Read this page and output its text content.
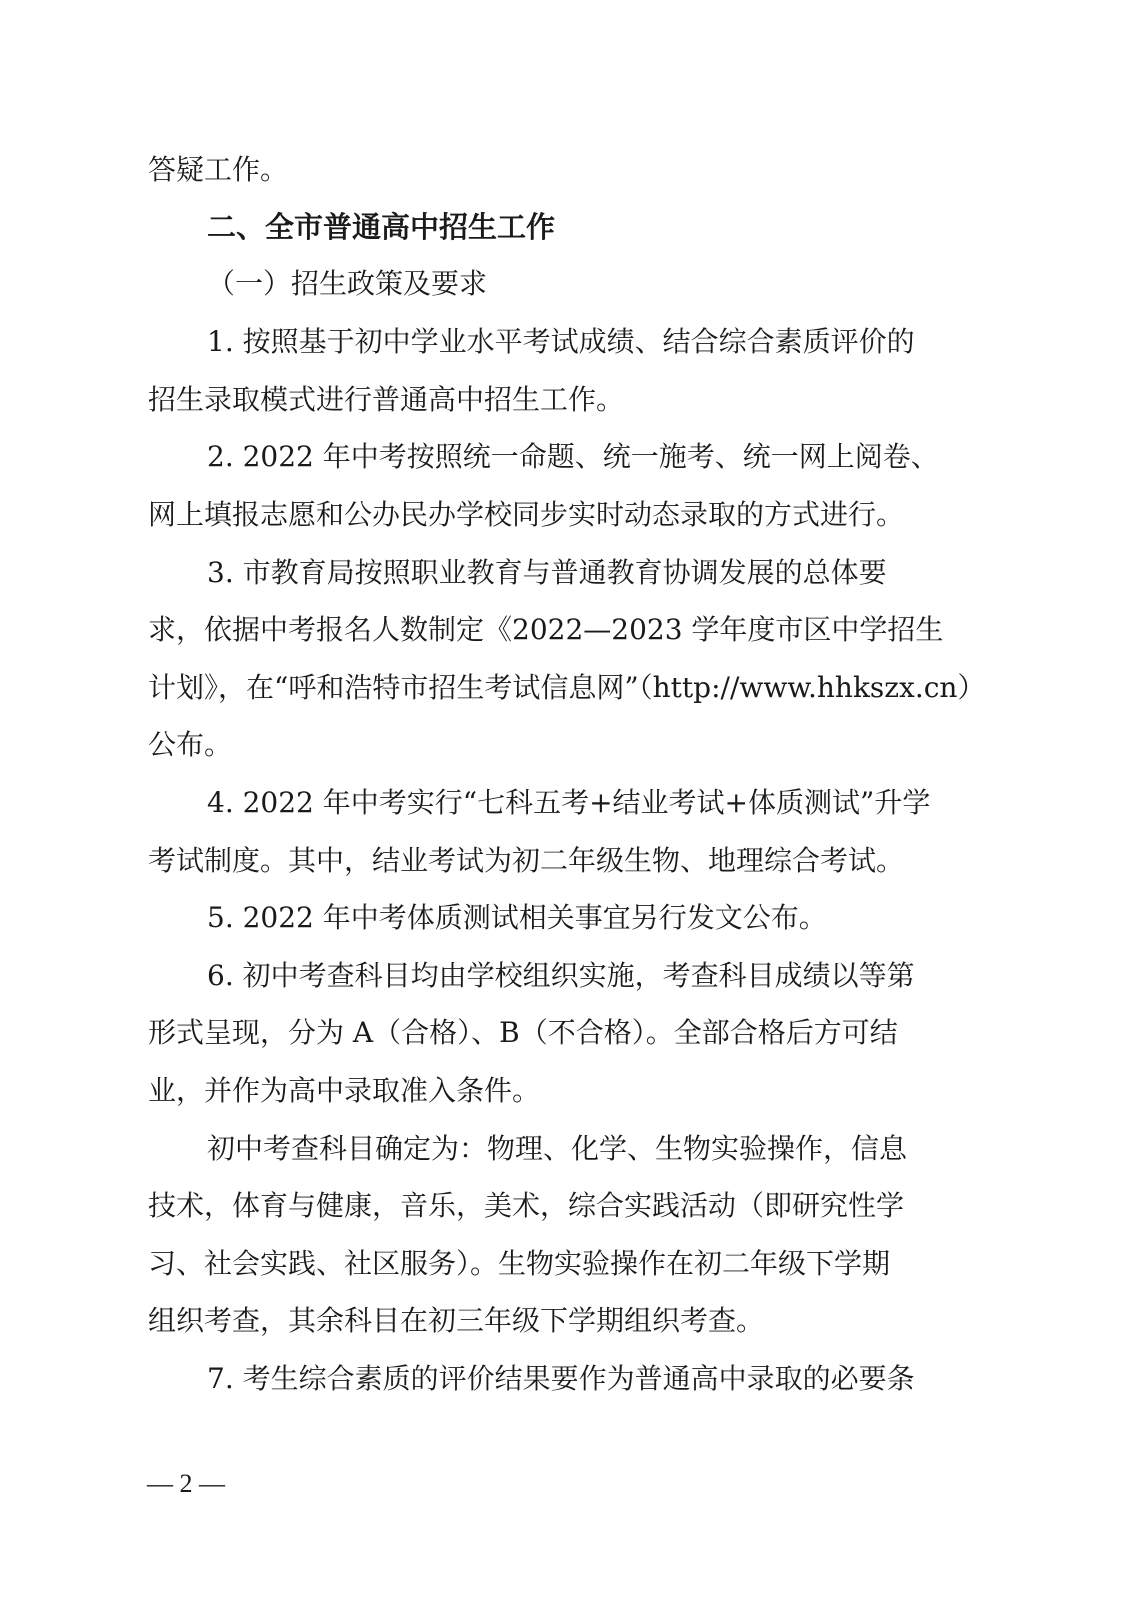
答疑工作。
二、全市普通高中招生工作
（一）招生政策及要求
1. 按照基于初中学业水平考试成绩、结合综合素质评价的
招生录取模式进行普通高中招生工作。
2. 2022 年中考按照统一命题、统一施考、统一网上阅卷、
网上填报志愿和公办民办学校同步实时动态录取的方式进行。
3. 市教育局按照职业教育与普通教育协调发展的总体要
求，依据中考报名人数制定《2022—2023 学年度市区中学招生
计划》，在“呼和浩特市招生考试信息网”（http://www.hhkszx.cn）
公布。
4. 2022 年中考实行“七科五考+结业考试+体质测试”升学
考试制度。其中，结业考试为初二年级生物、地理综合考试。
5. 2022 年中考体质测试相关事宜另行发文公布。
6. 初中考查科目均由学校组织实施，考查科目成绩以等第
形式呈现，分为 A（合格）、B（不合格）。全部合格后方可结
业，并作为高中录取准入条件。
初中考查科目确定为：物理、化学、生物实验操作，信息
技术，体育与健康，音乐，美术，综合实践活动（即研究性学
习、社会实践、社区服务）。生物实验操作在初二年级下学期
组织考查，其余科目在初三年级下学期组织考查。
7. 考生综合素质的评价结果要作为普通高中录取的必要条
— 2 —
